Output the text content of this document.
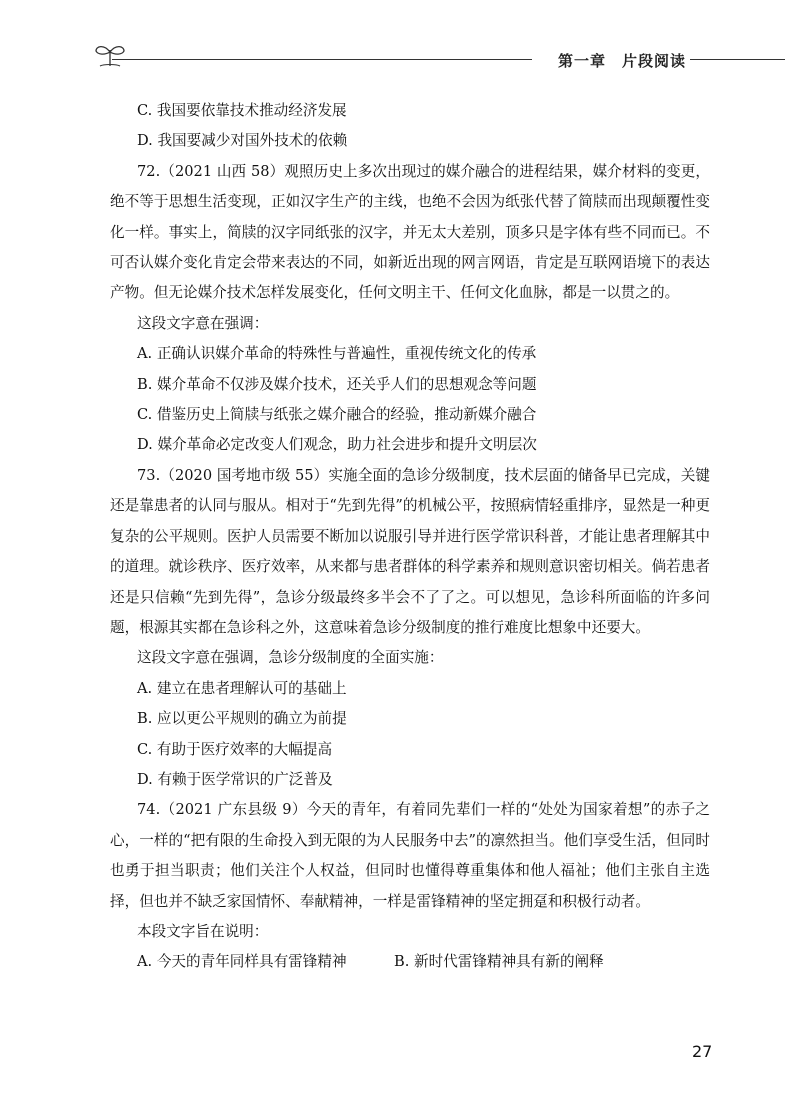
第一章 片段阅读

C. 我国要依靠技术推动经济发展

D. 我国要减少对国外技术的依赖

72.（2021 山西 58）观照历史上多次出现过的媒介融合的进程结果，媒介材料的变更，绝不等于思想生活变现，正如汉字生产的主线，也绝不会因为纸张代替了简牍而出现颠覆性变化一样。事实上，简牍的汉字同纸张的汉字，并无太大差别，顶多只是字体有些不同而已。不可否认媒介变化肯定会带来表达的不同，如新近出现的网言网语，肯定是互联网语境下的表达产物。但无论媒介技术怎样发展变化，任何文明主干、任何文化血脉，都是一以贯之的。

这段文字意在强调：

A. 正确认识媒介革命的特殊性与普遍性，重视传统文化的传承

B. 媒介革命不仅涉及媒介技术，还关乎人们的思想观念等问题

C. 借鉴历史上简牍与纸张之媒介融合的经验，推动新媒介融合

D. 媒介革命必定改变人们观念，助力社会进步和提升文明层次

73.（2020 国考地市级 55）实施全面的急诊分级制度，技术层面的储备早已完成，关键还是靠患者的认同与服从。相对于“先到先得”的机械公平，按照病情轻重排序，显然是一种更复杂的公平规则。医护人员需要不断加以说服引导并进行医学常识科普，才能让患者理解其中的道理。就诊秩序、医疗效率，从来都与患者群体的科学素养和规则意识密切相关。倘若患者还是只信赖“先到先得”，急诊分级最终多半会不了了之。可以想见，急诊科所面临的许多问题，根源其实都在急诊科之外，这意味着急诊分级制度的推行难度比想象中还要大。

这段文字意在强调，急诊分级制度的全面实施：

A. 建立在患者理解认可的基础上

B. 应以更公平规则的确立为前提

C. 有助于医疗效率的大幅提高

D. 有赖于医学常识的广泛普及

74.（2021 广东县级 9）今天的青年，有着同先辈们一样的“处处为国家着想”的赤子之心，一样的“把有限的生命投入到无限的为人民服务中去”的凛然担当。他们享受生活，但同时也勇于担当职责；他们关注个人权益，但同时也懂得尊重集体和他人福祉；他们主张自主选择，但也并不缺乏家国情怀、奉献精神，一样是雷锋精神的坚定拥趸和积极行动者。

本段文字旨在说明：

A. 今天的青年同样具有雷锋精神	B. 新时代雷锋精神具有新的阐释
27
